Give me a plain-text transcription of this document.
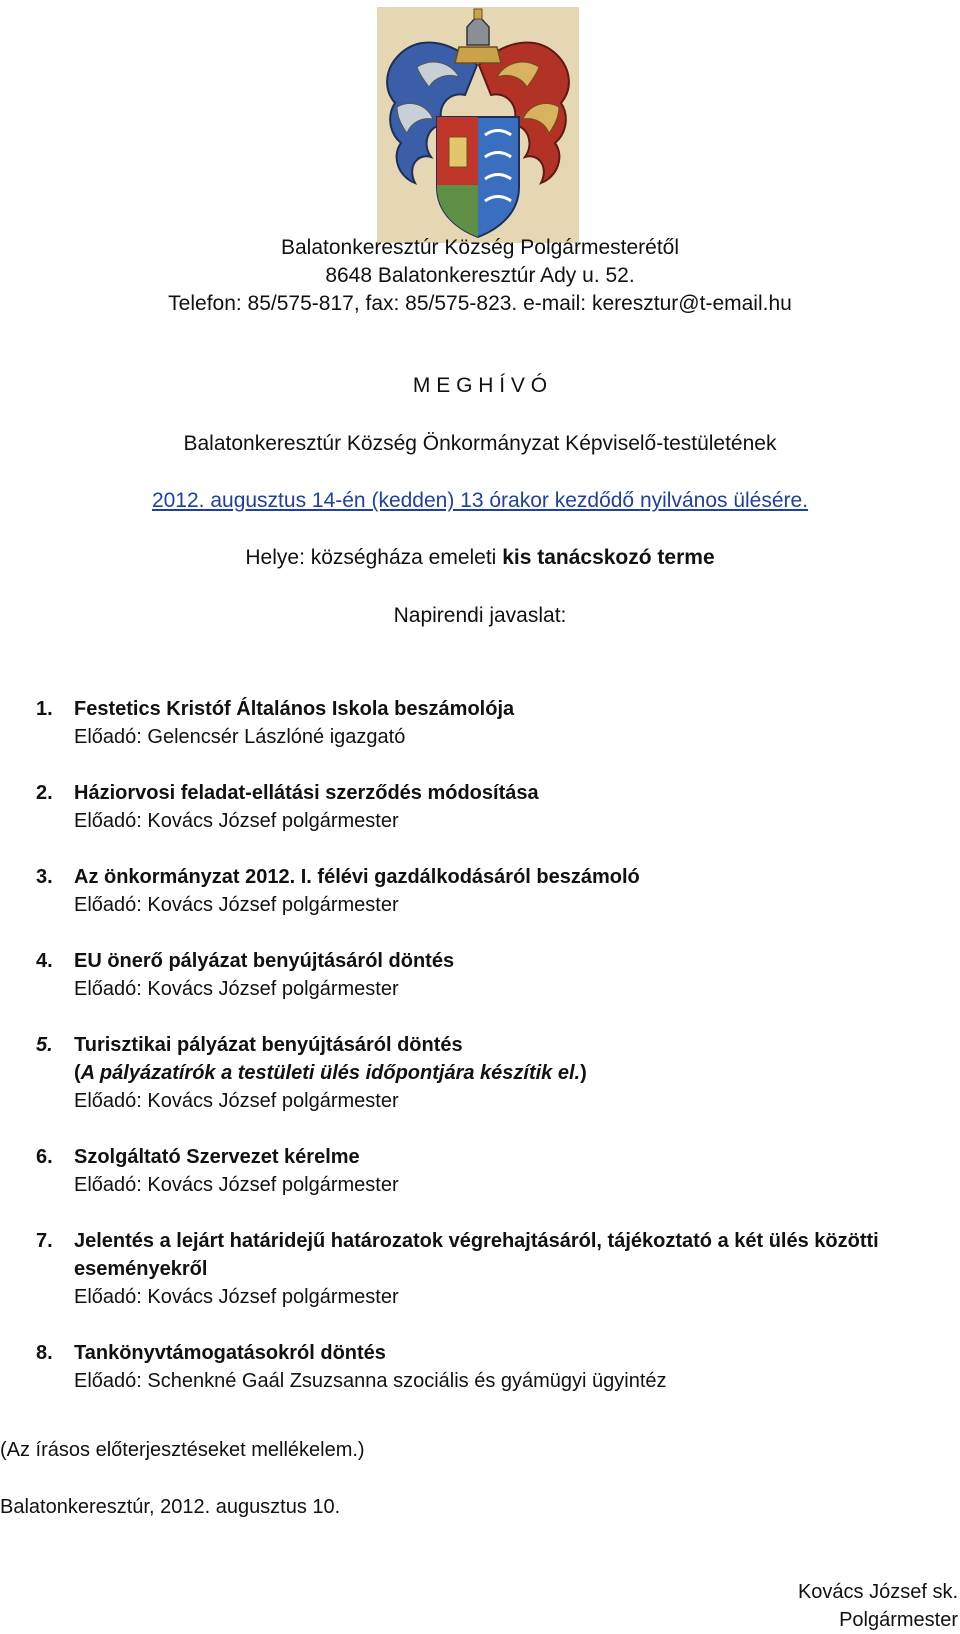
Balatonkeresztúr Község Polgármesterétől
8648 Balatonkeresztúr Ady u. 52.
Telefon: 85/575-817, fax: 85/575-823. e-mail: keresztur@t-email.hu
M E G H Í V Ó
Balatonkeresztúr Község Önkormányzat Képviselő-testületének
2012. augusztus 14-én (kedden) 13 órakor kezdődő nyilvános ülésére.
Helye: községháza emeleti kis tanácskozó terme
Napirendi javaslat:
1.	Festetics Kristóf Általános Iskola beszámolója
Előadó: Gelencsér Lászlóné igazgató
2.	Háziorvosi feladat-ellátási szerződés módosítása
Előadó: Kovács József polgármester
3.	Az önkormányzat 2012. I. félévi gazdálkodásáról beszámoló
Előadó: Kovács József polgármester
4.	EU önerő pályázat benyújtásáról döntés
Előadó: Kovács József polgármester
5.	Turisztikai pályázat benyújtásáról döntés
(A pályázatírók a testületi ülés időpontjára készítik el.)
Előadó: Kovács József polgármester
6.	Szolgáltató Szervezet kérelme
Előadó: Kovács József polgármester
7.	Jelentés a lejárt határidejű határozatok végrehajtásáról, tájékoztató a két ülés közötti eseményekről
Előadó: Kovács József polgármester
8.	Tankönyvtámogatásokról döntés
Előadó: Schenkné Gaál Zsuzsanna szociális és gyámügyi ügyintéz
(Az írásos előterjesztéseket mellékelem.)
Balatonkeresztúr, 2012. augusztus 10.
Kovács József sk.
Polgármester
